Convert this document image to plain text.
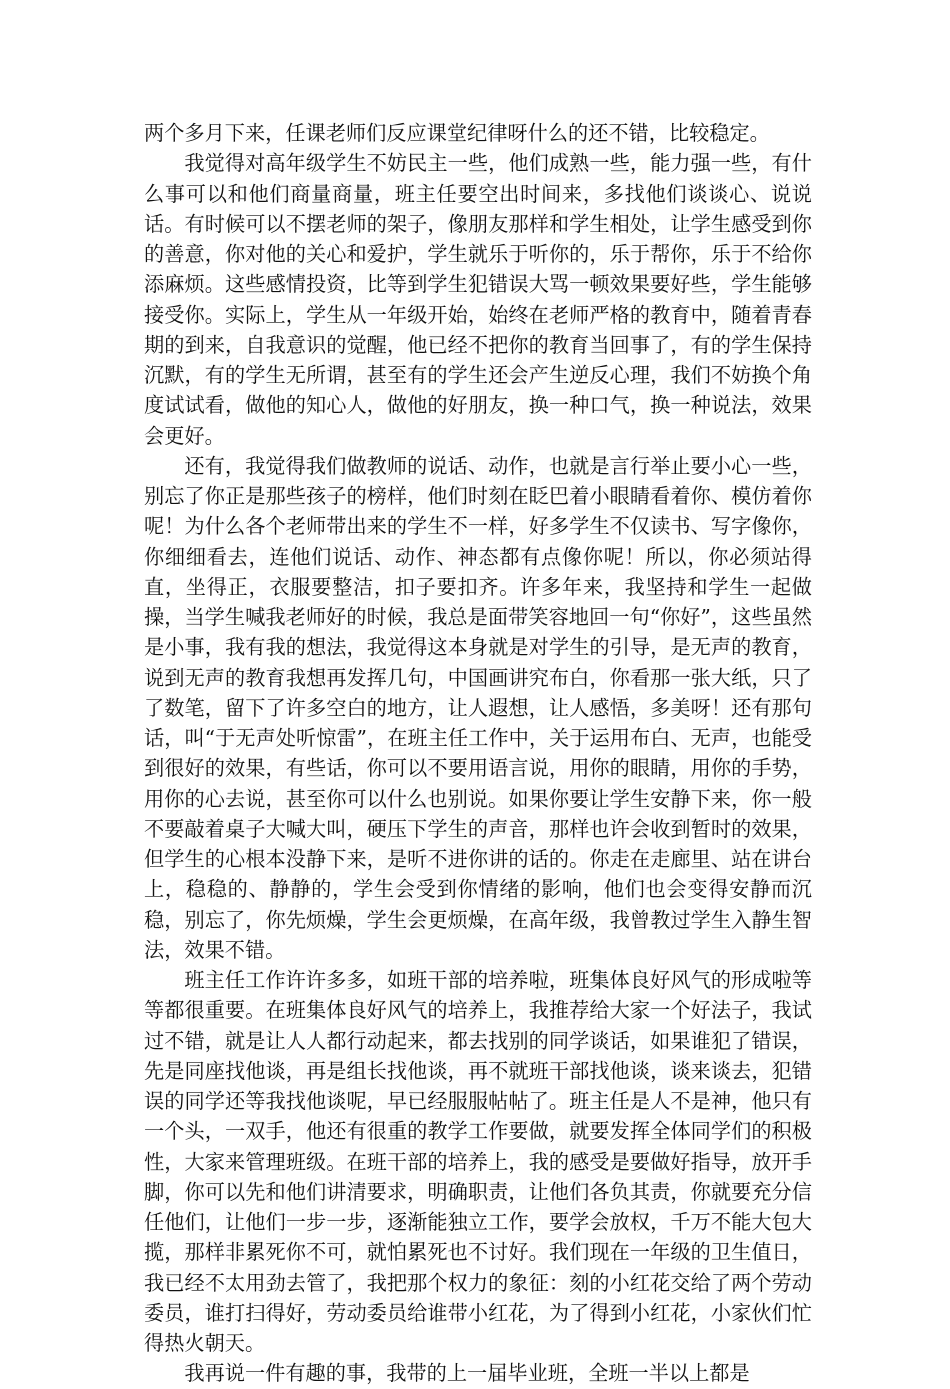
两个多月下来，任课老师们反应课堂纪律呀什么的还不错，比较稳定。

我觉得对高年级学生不妨民主一些，他们成熟一些，能力强一些，有什么事可以和他们商量商量，班主任要空出时间来，多找他们谈谈心、说说话。有时候可以不摆老师的架子，像朋友那样和学生相处，让学生感受到你的善意，你对他的关心和爱护，学生就乐于听你的，乐于帮你，乐于不给你添麻烦。这些感情投资，比等到学生犯错误大骂一顿效果要好些，学生能够接受你。实际上，学生从一年级开始，始终在老师严格的教育中，随着青春期的到来，自我意识的觉醒，他已经不把你的教育当回事了，有的学生保持沉默，有的学生无所谓，甚至有的学生还会产生逆反心理，我们不妨换个角度试试看，做他的知心人，做他的好朋友，换一种口气，换一种说法，效果会更好。

还有，我觉得我们做教师的说话、动作，也就是言行举止要小心一些，别忘了你正是那些孩子的榜样，他们时刻在眨巴着小眼睛看着你、模仿着你呢！为什么各个老师带出来的学生不一样，好多学生不仅读书、写字像你，你细细看去，连他们说话、动作、神态都有点像你呢！所以，你必须站得直，坐得正，衣服要整洁，扣子要扣齐。许多年来，我坚持和学生一起做操，当学生喊我老师好的时候，我总是面带笑容地回一句“你好”，这些虽然是小事，我有我的想法，我觉得这本身就是对学生的引导，是无声的教育，说到无声的教育我想再发挥几句，中国画讲究布白，你看那一张大纸，只了了数笔，留下了许多空白的地方，让人遐想，让人感悟，多美呀！还有那句话，叫“于无声处听惊雷”，在班主任工作中，关于运用布白、无声，也能受到很好的效果，有些话，你可以不要用语言说，用你的眼睛，用你的手势，用你的心去说，甚至你可以什么也别说。如果你要让学生安静下来，你一般不要敲着桌子大喊大叫，硬压下学生的声音，那样也许会收到暂时的效果，但学生的心根本没静下来，是听不进你讲的话的。你走在走廊里、站在讲台上，稳稳的、静静的，学生会受到你情绪的影响，他们也会变得安静而沉稳，别忘了，你先烦燥，学生会更烦燥，在高年级，我曾教过学生入静生智法，效果不错。

班主任工作许许多多，如班干部的培养啦，班集体良好风气的形成啦等等都很重要。在班集体良好风气的培养上，我推荐给大家一个好法子，我试过不错，就是让人人都行动起来，都去找别的同学谈话，如果谁犯了错误，先是同座找他谈，再是组长找他谈，再不就班干部找他谈，谈来谈去，犯错误的同学还等我找他谈呢，早已经服服帖帖了。班主任是人不是神，他只有一个头，一双手，他还有很重的教学工作要做，就要发挥全体同学们的积极性，大家来管理班级。在班干部的培养上，我的感受是要做好指导，放开手脚，你可以先和他们讲清要求，明确职责，让他们各负其责，你就要充分信任他们，让他们一步一步，逐渐能独立工作，要学会放权，千万不能大包大揽，那样非累死你不可，就怕累死也不讨好。我们现在一年级的卫生值日，我已经不太用劲去管了，我把那个权力的象征：刻的小红花交给了两个劳动委员，谁打扫得好，劳动委员给谁带小红花，为了得到小红花，小家伙们忙得热火朝天。

我再说一件有趣的事，我带的上一届毕业班，全班一半以上都是
